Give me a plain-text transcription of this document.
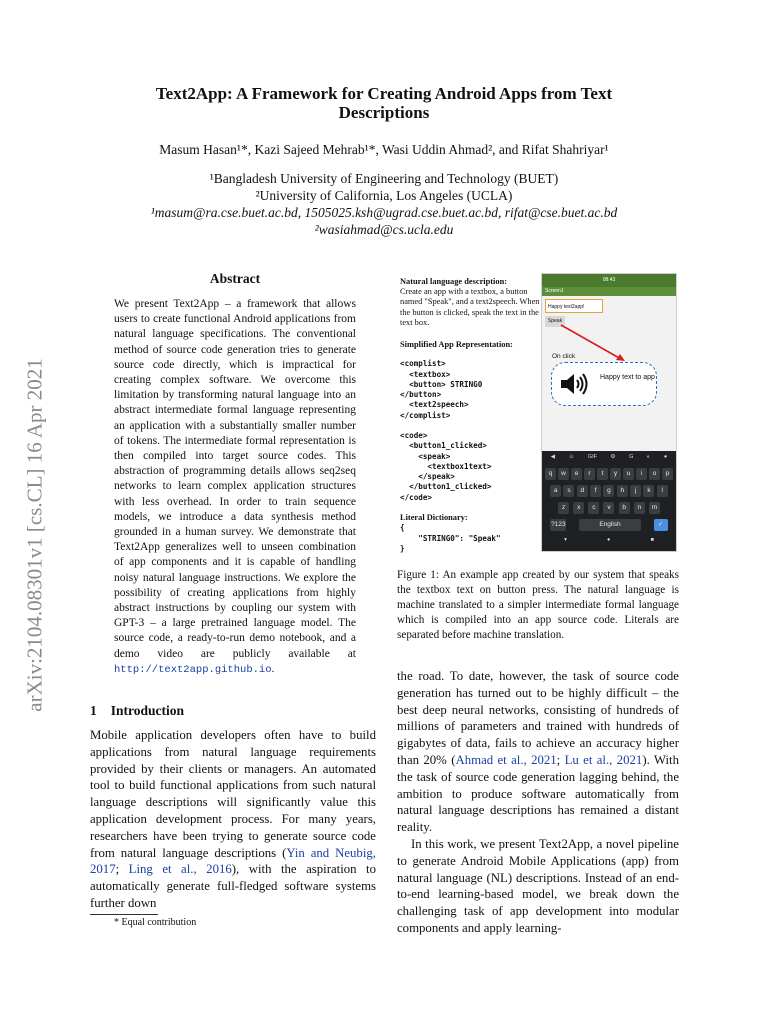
Text2App: A Framework for Creating Android Apps from Text Descriptions
Masum Hasan¹*, Kazi Sajeed Mehrab¹*, Wasi Uddin Ahmad², and Rifat Shahriyar¹
¹Bangladesh University of Engineering and Technology (BUET)
²University of California, Los Angeles (UCLA)
¹masum@ra.cse.buet.ac.bd, 1505025.ksh@ugrad.cse.buet.ac.bd, rifat@cse.buet.ac.bd
²wasiahmad@cs.ucla.edu
arXiv:2104.08301v1 [cs.CL] 16 Apr 2021
Abstract
We present Text2App – a framework that allows users to create functional Android applications from natural language specifications. The conventional method of source code generation tries to generate source code directly, which is impractical for creating complex software. We overcome this limitation by transforming natural language into an abstract intermediate formal language representing an application with a substantially smaller number of tokens. The intermediate formal representation is then compiled into target source codes. This abstraction of programming details allows seq2seq networks to learn complex application structures with less overhead. In order to train sequence models, we introduce a data synthesis method grounded in a human survey. We demonstrate that Text2App generalizes well to unseen combination of app components and it is capable of handling noisy natural language instructions. We explore the possibility of creating applications from highly abstract instructions by coupling our system with GPT-3 – a large pretrained language model. The source code, a ready-to-run demo notebook, and a demo video are publicly available at http://text2app.github.io.
1 Introduction
Mobile application developers often have to build applications from natural language requirements provided by their clients or managers. An automated tool to build functional applications from such natural language descriptions will significantly value this application development process. For many years, researchers have been trying to generate source code from natural language descriptions (Yin and Neubig, 2017; Ling et al., 2016), with the aspiration to automatically generate full-fledged software systems further down
* Equal contribution
Natural language description:
Create an app with a textbox, a button named "Speak", and a text2speech. When the button is clicked, speak the text in the text box.
Simplified App Representation:
<complist>
<textbox>
<button> STRING0
</button>
<text2speech>
</complist>
<code>
<button1_clicked>
<speak>
<textbox1text>
</speak>
</button1_clicked>
</code>
Literal Dictionary:
{
"STRING0": "Speak"
}
08:43
Screen1
Happy text2app!
Speak
On click
Happy text to app
◀ ☺ GIF ⚙ G ◐ ●
q	w	e	r	t	y	u	i	o	p
a	s	d	f	g	h	j	k	l
z	x	c	v	b	n	m
?123	English	✓
▾	●	■
Figure 1: An example app created by our system that speaks the textbox text on button press. The natural language is machine translated to a simpler intermediate formal language which is compiled into an app source code. Literals are separated before machine translation.

the road. To date, however, the task of source code generation has turned out to be highly difficult – the best deep neural networks, consisting of hundreds of millions of parameters and trained with hundreds of gigabytes of data, fails to achieve an accuracy higher than 20% (Ahmad et al., 2021; Lu et al., 2021). With the task of source code generation lagging behind, the ambition to produce software automatically from natural language descriptions has remained a distant reality.

In this work, we present Text2App, a novel pipeline to generate Android Mobile Applications (app) from natural language (NL) descriptions. Instead of an end-to-end learning-based model, we break down the challenging task of app development into modular components and apply learning-
